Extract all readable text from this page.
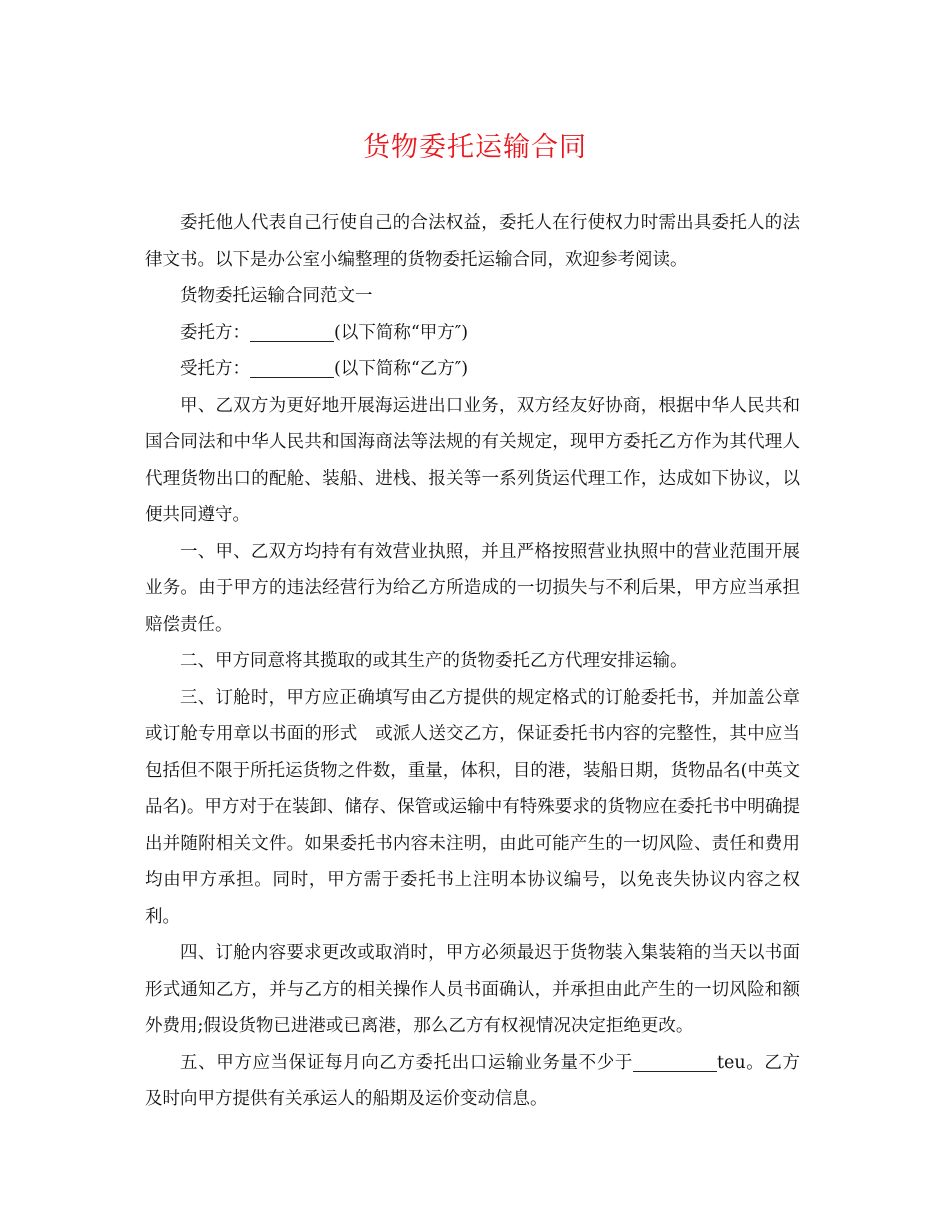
货物委托运输合同

委托他人代表自己行使自己的合法权益，委托人在行使权力时需出具委托人的法律文书。以下是办公室小编整理的货物委托运输合同，欢迎参考阅读。

货物委托运输合同范文一

委托方：	(以下简称“甲方″)

受托方：	(以下简称“乙方″)

甲、乙双方为更好地开展海运进出口业务，双方经友好协商，根据中华人民共和国合同法和中华人民共和国海商法等法规的有关规定，现甲方委托乙方作为其代理人代理货物出口的配舱、装船、进栈、报关等一系列货运代理工作，达成如下协议，以便共同遵守。

一、甲、乙双方均持有有效营业执照，并且严格按照营业执照中的营业范围开展业务。由于甲方的违法经营行为给乙方所造成的一切损失与不利后果，甲方应当承担赔偿责任。

二、甲方同意将其揽取的或其生产的货物委托乙方代理安排运输。

三、订舱时，甲方应正确填写由乙方提供的规定格式的订舱委托书，并加盖公章或订舱专用章以书面的形式　或派人送交乙方，保证委托书内容的完整性，其中应当包括但不限于所托运货物之件数，重量，体积，目的港，装船日期，货物品名(中英文品名)。甲方对于在装卸、储存、保管或运输中有特殊要求的货物应在委托书中明确提出并随附相关文件。如果委托书内容未注明，由此可能产生的一切风险、责任和费用均由甲方承担。同时，甲方需于委托书上注明本协议编号，以免丧失协议内容之权利。

四、订舱内容要求更改或取消时，甲方必须最迟于货物装入集装箱的当天以书面形式通知乙方，并与乙方的相关操作人员书面确认，并承担由此产生的一切风险和额外费用;假设货物已进港或已离港，那么乙方有权视情况决定拒绝更改。

五、甲方应当保证每月向乙方委托出口运输业务量不少于	teu。乙方及时向甲方提供有关承运人的船期及运价变动信息。
